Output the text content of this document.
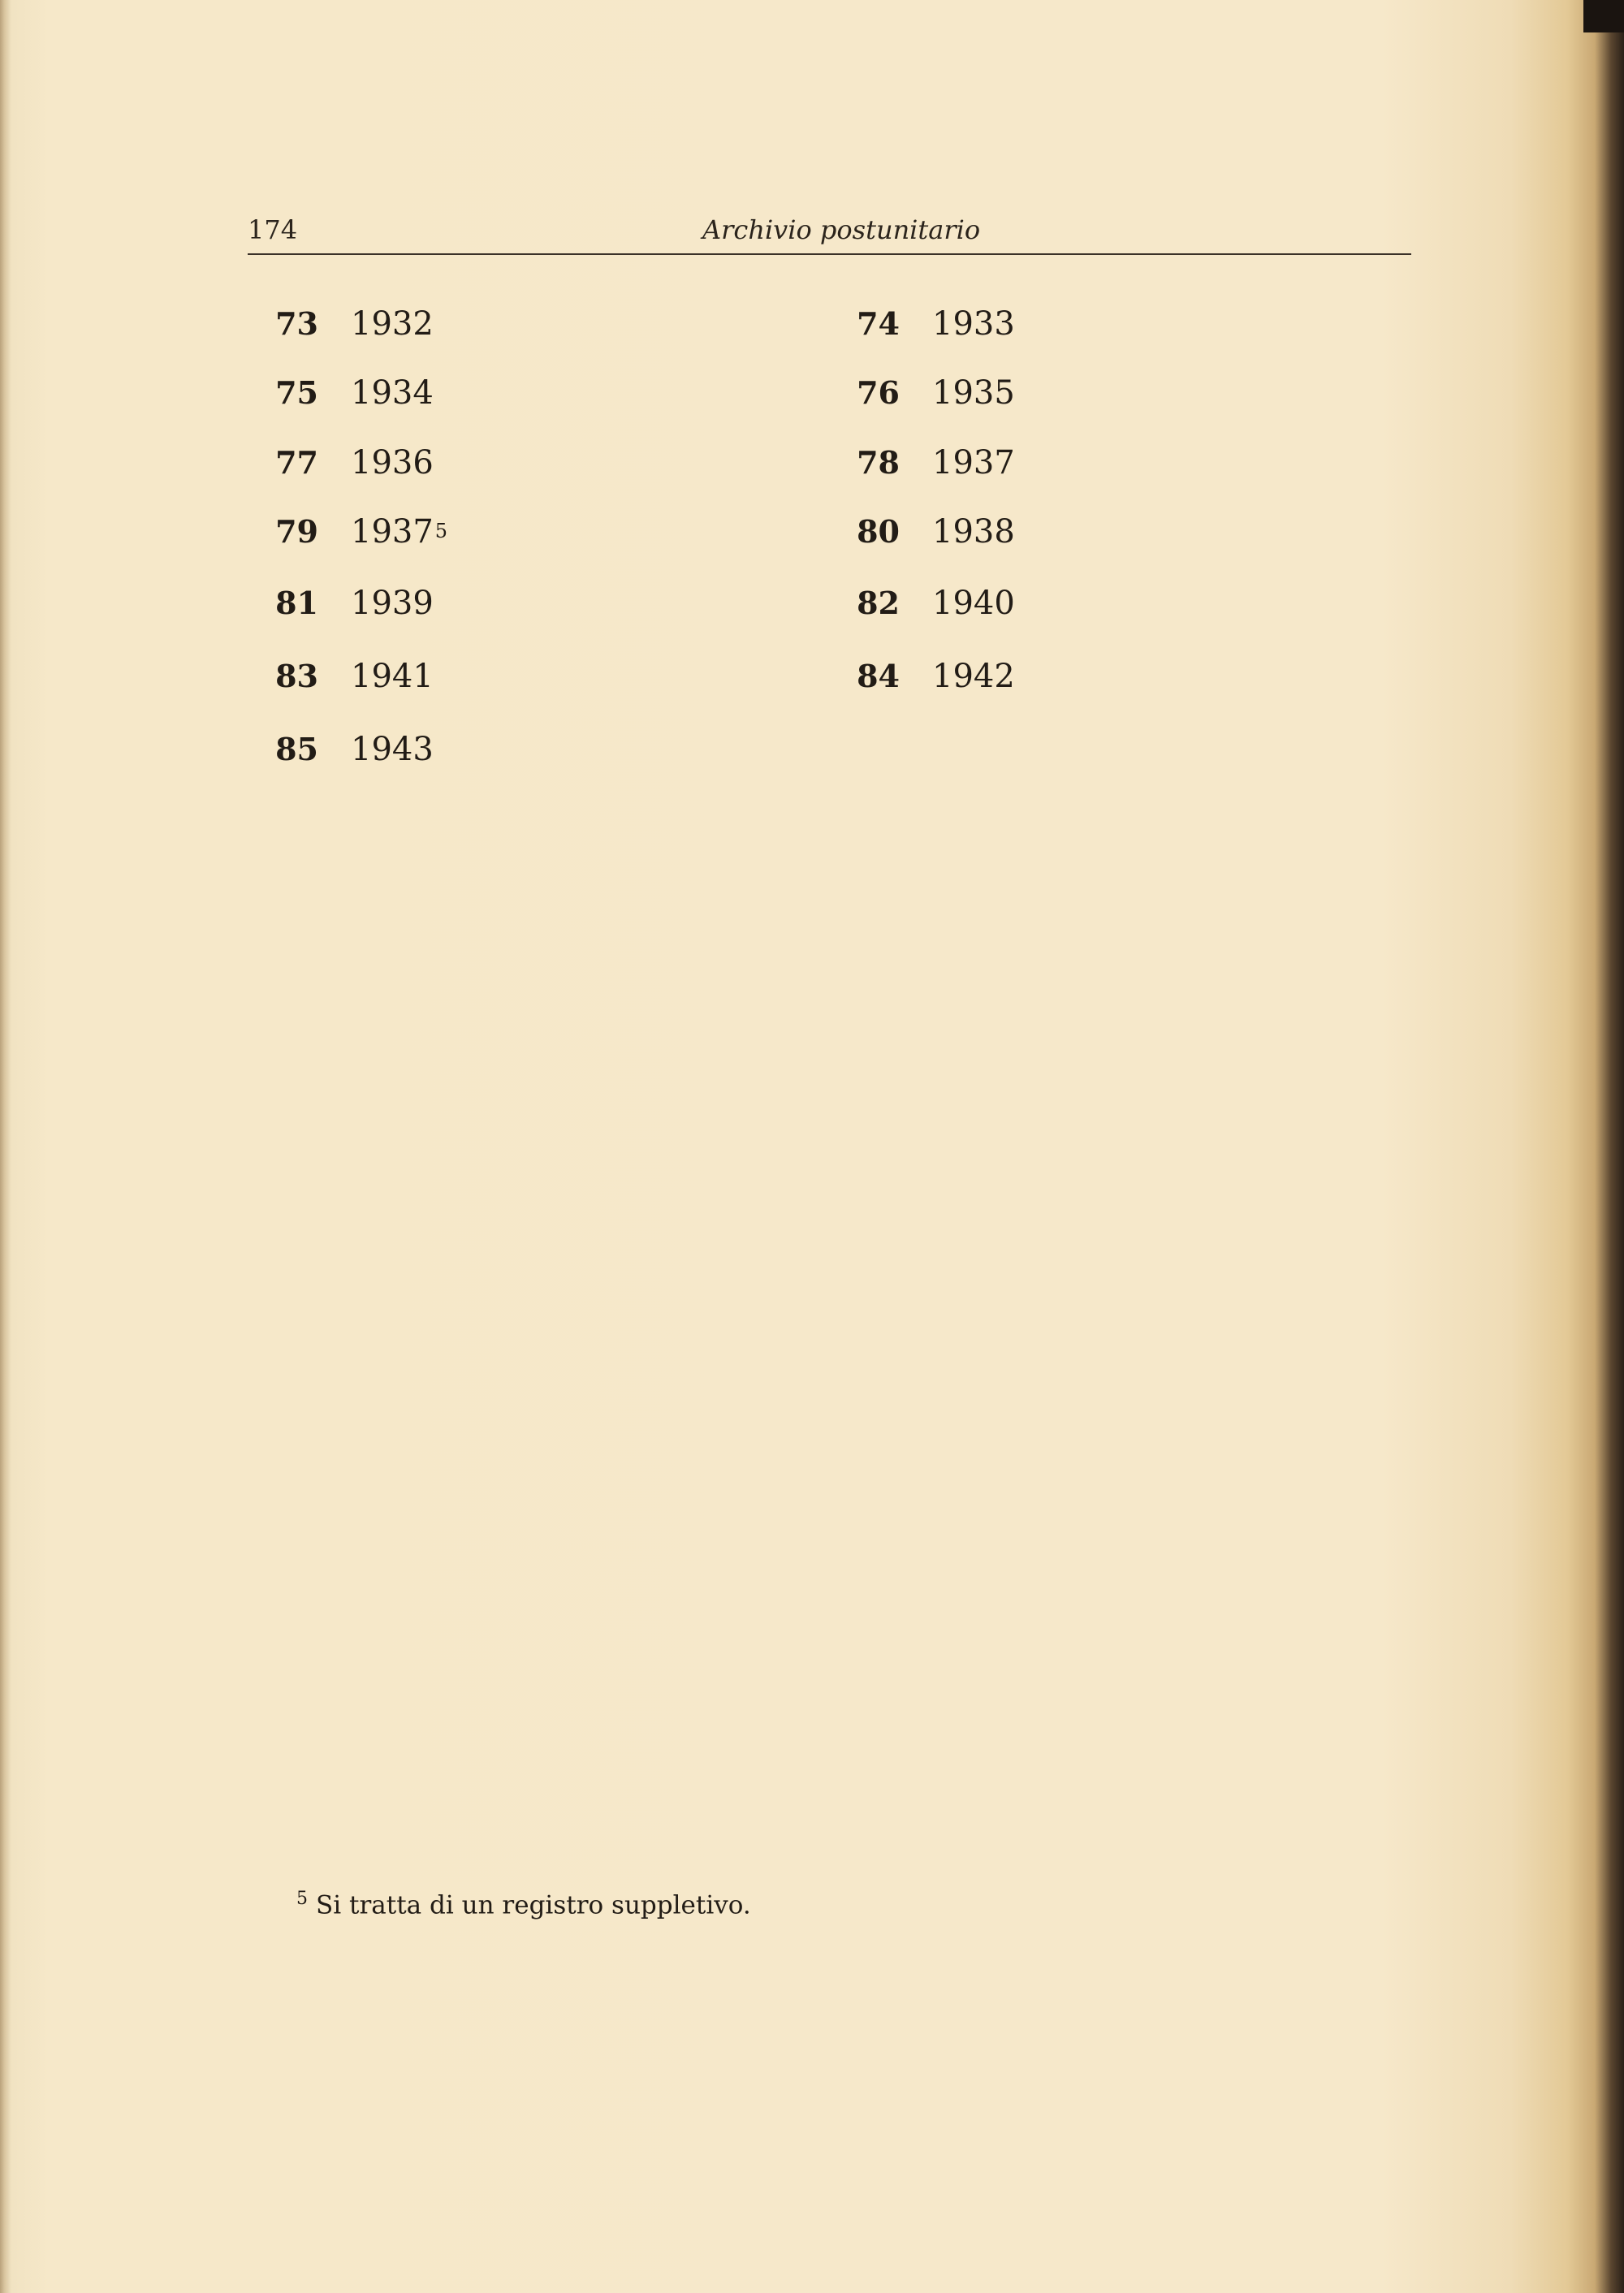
174	Archivio postunitario
73 1932	74 1933
75 1934	76 1935
77 1936	78 1937
79 19375	80 1938
81 1939	82 1940
83 1941	84 1942
85 1943
$^5$ Si tratta di un registro suppletivo.
